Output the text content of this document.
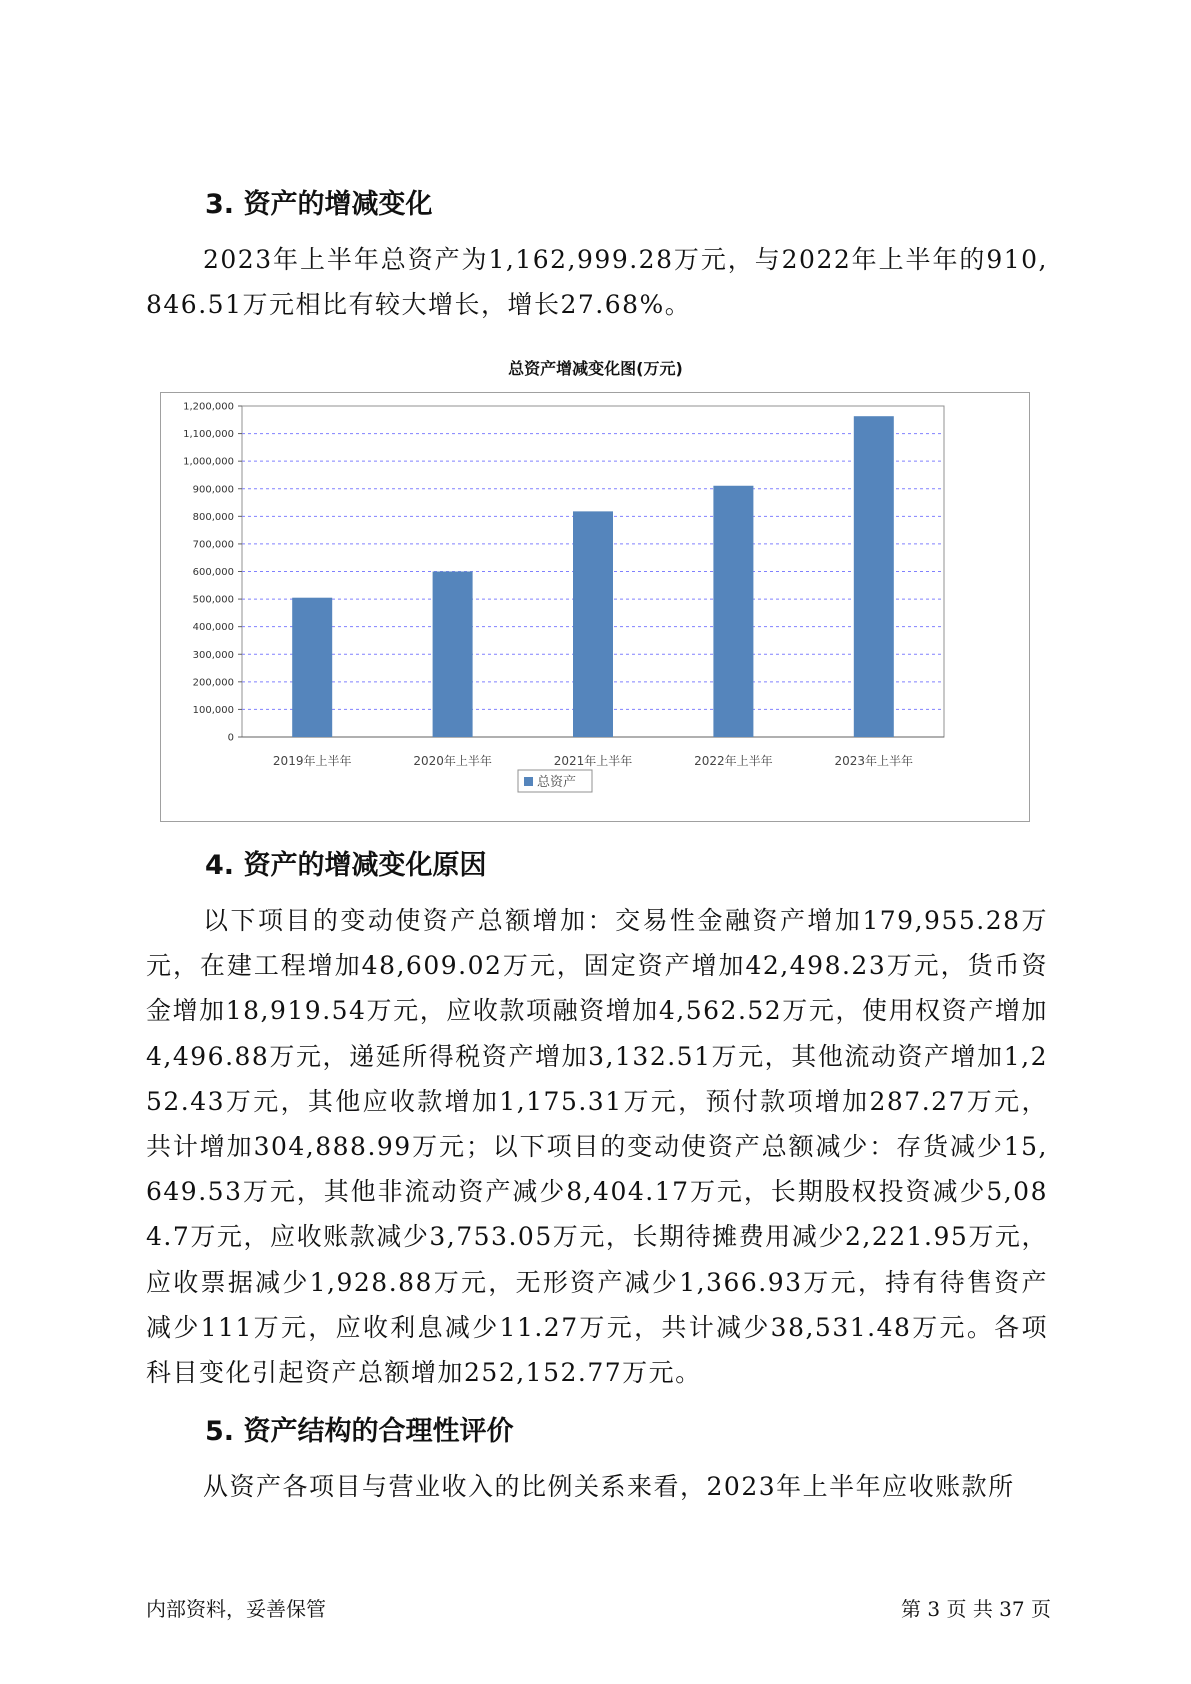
3. 资产的增减变化

2023年上半年总资产为1,162,999.28万元，与2022年上半年的910,846.51万元相比有较大增长，增长27.68%。

总资产增减变化图(万元)
0
100,000
200,000
300,000
400,000
500,000
600,000
700,000
800,000
900,000
1,000,000
1,100,000
1,200,000
2019年上半年	2020年上半年	2021年上半年	2022年上半年	2023年上半年
总资产
4. 资产的增减变化原因

以下项目的变动使资产总额增加：交易性金融资产增加179,955.28万元，在建工程增加48,609.02万元，固定资产增加42,498.23万元，货币资金增加18,919.54万元，应收款项融资增加4,562.52万元，使用权资产增加4,496.88万元，递延所得税资产增加3,132.51万元，其他流动资产增加1,252.43万元，其他应收款增加1,175.31万元，预付款项增加287.27万元，共计增加304,888.99万元；以下项目的变动使资产总额减少：存货减少15,649.53万元，其他非流动资产减少8,404.17万元，长期股权投资减少5,084.7万元，应收账款减少3,753.05万元，长期待摊费用减少2,221.95万元，应收票据减少1,928.88万元，无形资产减少1,366.93万元，持有待售资产减少111万元，应收利息减少11.27万元，共计减少38,531.48万元。各项科目变化引起资产总额增加252,152.77万元。

5. 资产结构的合理性评价

从资产各项目与营业收入的比例关系来看，2023年上半年应收账款所

内部资料，妥善保管	第 3 页 共 37 页
